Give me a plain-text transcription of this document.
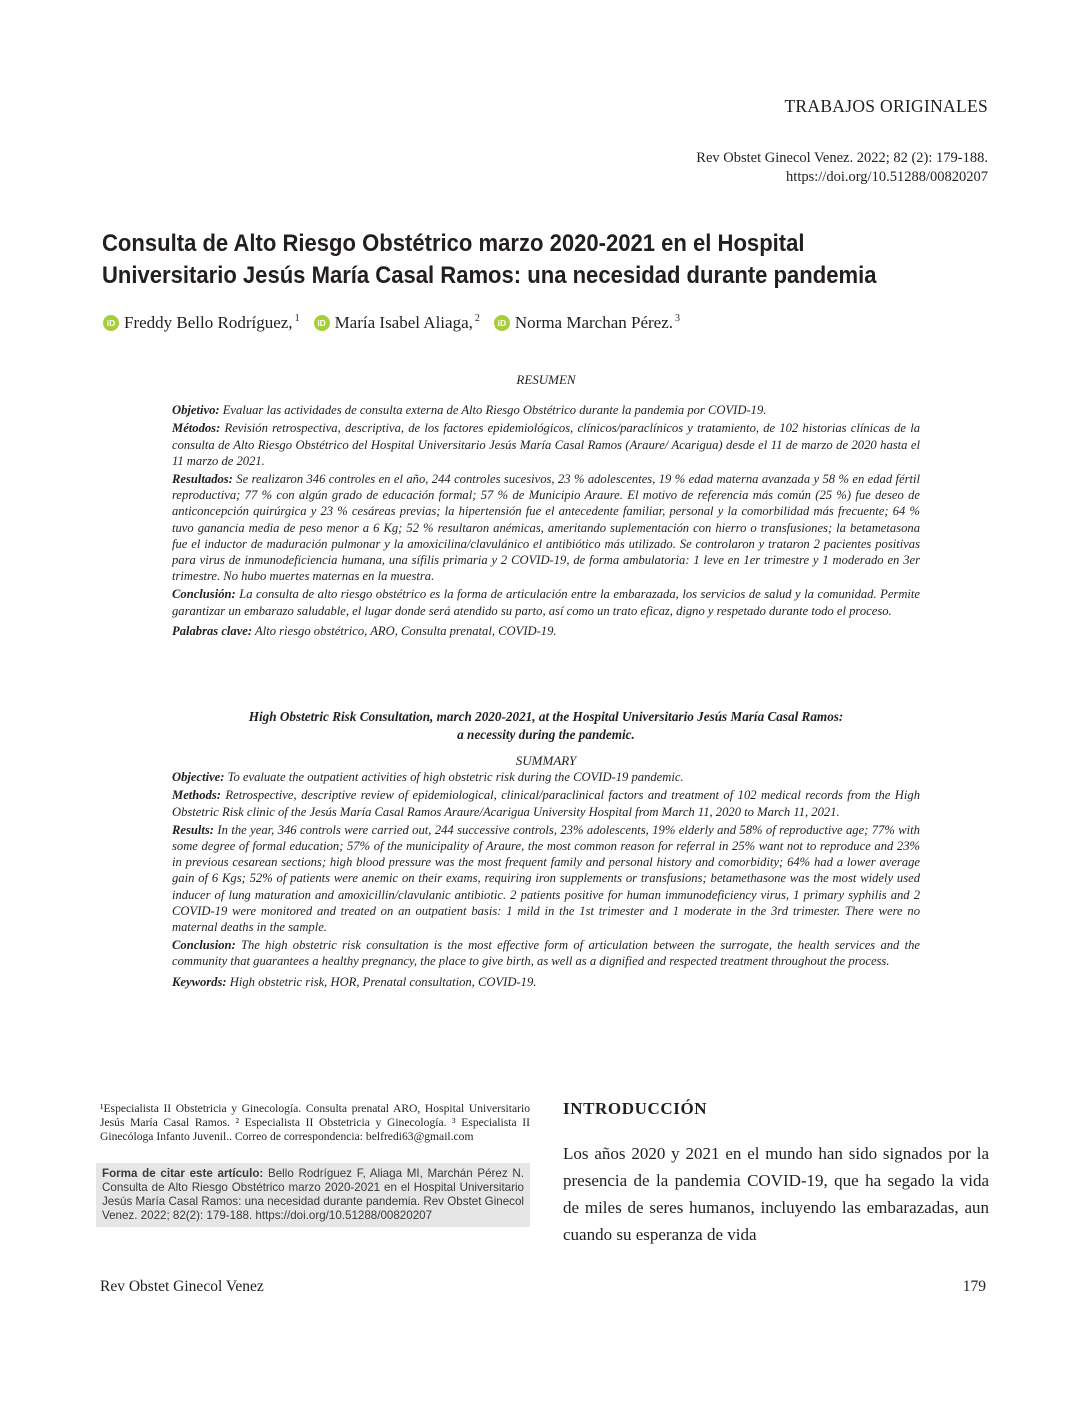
TRABAJOS ORIGINALES
Rev Obstet Ginecol Venez. 2022; 82 (2): 179-188.
https://doi.org/10.51288/00820207
Consulta de Alto Riesgo Obstétrico marzo 2020-2021 en el Hospital
Universitario Jesús María Casal Ramos: una necesidad durante pandemia
iD Freddy Bello Rodríguez,$^1$	iD María Isabel Aliaga,$^2$	iD Norma Marchan Pérez.$^3$
RESUMEN

Objetivo: Evaluar las actividades de consulta externa de Alto Riesgo Obstétrico durante la pandemia por COVID-19.

Métodos: Revisión retrospectiva, descriptiva, de los factores epidemiológicos, clínicos/paraclínicos y tratamiento, de 102 historias clínicas de la consulta de Alto Riesgo Obstétrico del Hospital Universitario Jesús María Casal Ramos (Araure/ Acarigua) desde el 11 de marzo de 2020 hasta el 11 marzo de 2021.

Resultados: Se realizaron 346 controles en el año, 244 controles sucesivos, 23 % adolescentes, 19 % edad materna avanzada y 58 % en edad fértil reproductiva; 77 % con algún grado de educación formal; 57 % de Municipio Araure. El motivo de referencia más común (25 %) fue deseo de anticoncepción quirúrgica y 23 % cesáreas previas; la hipertensión fue el antecedente familiar, personal y la comorbilidad más frecuente; 64 % tuvo ganancia media de peso menor a 6 Kg; 52 % resultaron anémicas, ameritando suplementación con hierro o transfusiones; la betametasona fue el inductor de maduración pulmonar y la amoxicilina/clavulánico el antibiótico más utilizado. Se controlaron y trataron 2 pacientes positivas para virus de inmunodeficiencia humana, una sífilis primaria y 2 COVID-19, de forma ambulatoria: 1 leve en 1er trimestre y 1 moderado en 3er trimestre. No hubo muertes maternas en la muestra.

Conclusión: La consulta de alto riesgo obstétrico es la forma de articulación entre la embarazada, los servicios de salud y la comunidad. Permite garantizar un embarazo saludable, el lugar donde será atendido su parto, así como un trato eficaz, digno y respetado durante todo el proceso.

Palabras clave: Alto riesgo obstétrico, ARO, Consulta prenatal, COVID-19.

High Obstetric Risk Consultation, march 2020-2021, at the Hospital Universitario Jesús María Casal Ramos:
a necessity during the pandemic.
SUMMARY

Objective: To evaluate the outpatient activities of high obstetric risk during the COVID-19 pandemic.

Methods: Retrospective, descriptive review of epidemiological, clinical/paraclinical factors and treatment of 102 medical records from the High Obstetric Risk clinic of the Jesús María Casal Ramos Araure/Acarigua University Hospital from March 11, 2020 to March 11, 2021.

Results: In the year, 346 controls were carried out, 244 successive controls, 23% adolescents, 19% elderly and 58% of reproductive age; 77% with some degree of formal education; 57% of the municipality of Araure, the most common reason for referral in 25% want not to reproduce and 23% in previous cesarean sections; high blood pressure was the most frequent family and personal history and comorbidity; 64% had a lower average gain of 6 Kgs; 52% of patients were anemic on their exams, requiring iron supplements or transfusions; betamethasone was the most widely used inducer of lung maturation and amoxicillin/clavulanic antibiotic. 2 patients positive for human immunodeficiency virus, 1 primary syphilis and 2 COVID-19 were monitored and treated on an outpatient basis: 1 mild in the 1st trimester and 1 moderate in the 3rd trimester. There were no maternal deaths in the sample.

Conclusion: The high obstetric risk consultation is the most effective form of articulation between the surrogate, the health services and the community that guarantees a healthy pregnancy, the place to give birth, as well as a dignified and respected treatment throughout the process.

Keywords: High obstetric risk, HOR, Prenatal consultation, COVID-19.

¹Especialista II Obstetricia y Ginecología. Consulta prenatal ARO, Hospital Universitario Jesús María Casal Ramos. ² Especialista II Obstetricia y Ginecología. ³ Especialista II Ginecóloga Infanto Juvenil.. Correo de correspondencia: belfredi63@gmail.com
Forma de citar este artículo: Bello Rodríguez F, Aliaga MI, Marchán Pérez N. Consulta de Alto Riesgo Obstétrico marzo 2020-2021 en el Hospital Universitario Jesús María Casal Ramos: una necesidad durante pandemia. Rev Obstet Ginecol Venez. 2022; 82(2): 179-188. https://doi.org/10.51288/00820207
INTRODUCCIÓN

Los años 2020 y 2021 en el mundo han sido signados por la presencia de la pandemia COVID-19, que ha segado la vida de miles de seres humanos, incluyendo las embarazadas, aun cuando su esperanza de vida

Rev Obstet Ginecol Venez	179
